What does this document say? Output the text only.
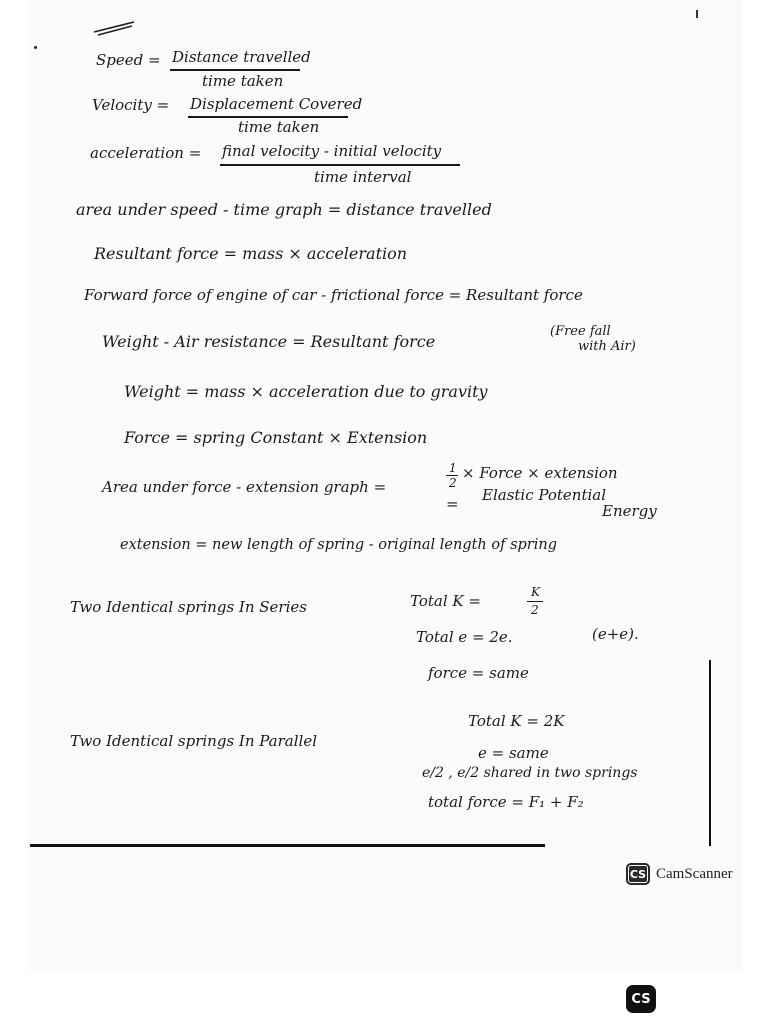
Speed = Distance travelled
time taken
Velocity = Displacement Covered
time taken
acceleration = final velocity - initial velocity
time interval
area under speed - time graph = distance travelled
Resultant force = mass × acceleration
Forward force of engine of car - frictional force = Resultant force
Weight - Air resistance = Resultant force
(Free fall
with Air)
Weight = mass × acceleration due to gravity
Force = spring Constant × Extension
Area under force - extension graph =
1
2
× Force × extension
= Elastic Potential
Energy
extension = new length of spring - original length of spring
Two Identical springs In Series	Total K =	K
2
Total e = 2e.	(e+e).
force = same
Two Identical springs In Parallel
Total K = 2K
e = same
e/2 , e/2 shared in two springs
total force = F₁ + F₂
CS CamScanner
CS
